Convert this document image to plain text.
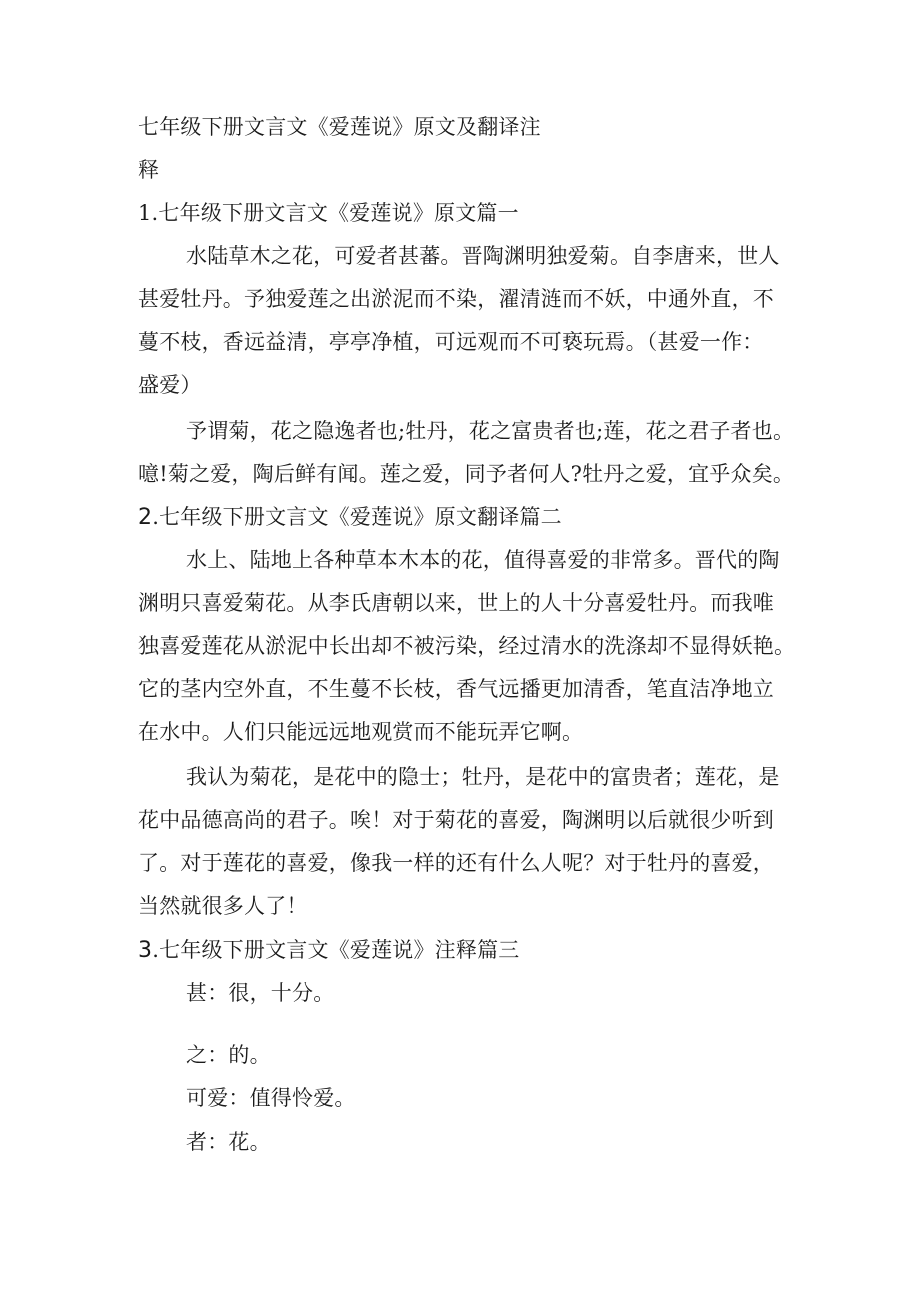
七年级下册文言文《爱莲说》原文及翻译注
释
1.七年级下册文言文《爱莲说》原文篇一
水陆草木之花，可爱者甚蕃。晋陶渊明独爱菊。自李唐来，世人
甚爱牡丹。予独爱莲之出淤泥而不染，濯清涟而不妖，中通外直，不
蔓不枝，香远益清，亭亭净植，可远观而不可亵玩焉。（甚爱一作：
盛爱）
予谓菊，花之隐逸者也;牡丹，花之富贵者也;莲，花之君子者也。
噫!菊之爱，陶后鲜有闻。莲之爱，同予者何人?牡丹之爱，宜乎众矣。
2.七年级下册文言文《爱莲说》原文翻译篇二
水上、陆地上各种草本木本的花，值得喜爱的非常多。晋代的陶
渊明只喜爱菊花。从李氏唐朝以来，世上的人十分喜爱牡丹。而我唯
独喜爱莲花从淤泥中长出却不被污染，经过清水的洗涤却不显得妖艳。
它的茎内空外直，不生蔓不长枝，香气远播更加清香，笔直洁净地立
在水中。人们只能远远地观赏而不能玩弄它啊。
我认为菊花，是花中的隐士；牡丹，是花中的富贵者；莲花，是
花中品德高尚的君子。唉！对于菊花的喜爱，陶渊明以后就很少听到
了。对于莲花的喜爱，像我一样的还有什么人呢？对于牡丹的喜爱，
当然就很多人了！
3.七年级下册文言文《爱莲说》注释篇三
甚：很，十分。
之：的。
可爱：值得怜爱。
者：花。
